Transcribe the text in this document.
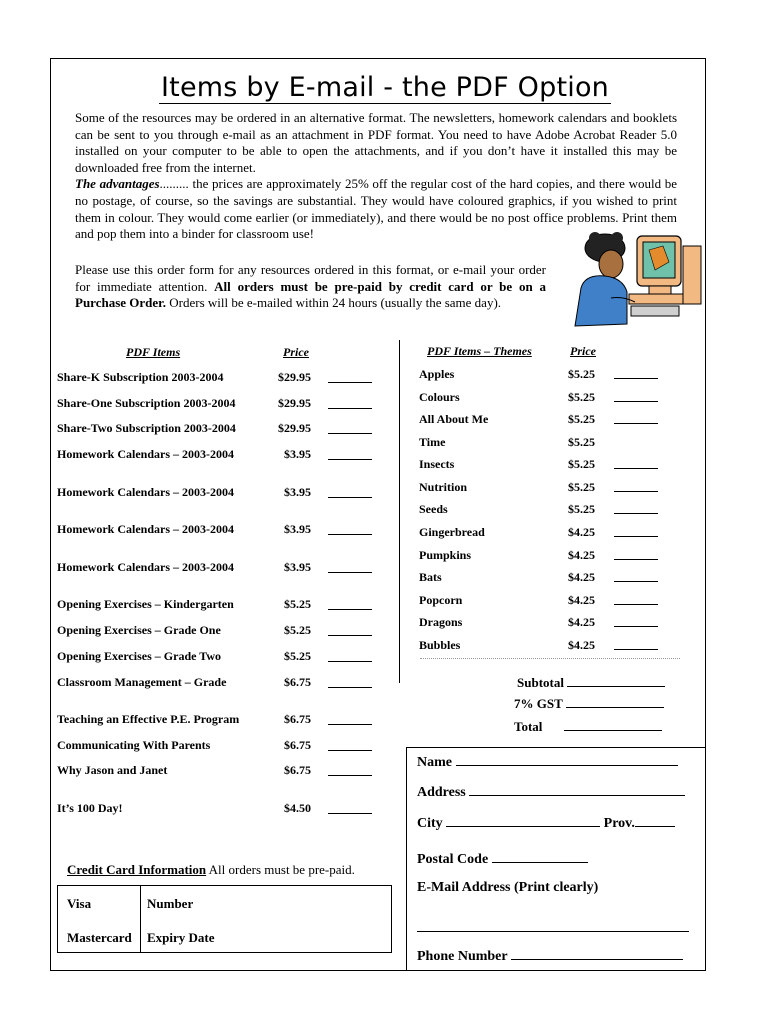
Items by E-mail - the PDF Option
Some of the resources may be ordered in an alternative format. The newsletters, homework calendars and booklets can be sent to you through e-mail as an attachment in PDF format. You need to have Adobe Acrobat Reader 5.0 installed on your computer to be able to open the attachments, and if you don’t have it installed this may be downloaded free from the internet.
The advantages......... the prices are approximately 25% off the regular cost of the hard copies, and there would be no postage, of course, so the savings are substantial. They would have coloured graphics, if you wished to print them in colour. They would come earlier (or immediately), and there would be no post office problems. Print them and pop them into a binder for classroom use!
Please use this order form for any resources ordered in this format, or e-mail your order for immediate attention. All orders must be pre-paid by credit card or be on a Purchase Order. Orders will be e-mailed within 24 hours (usually the same day).
PDF Items	Price
Share-K Subscription 2003-2004	$29.95
Share-One Subscription 2003-2004	$29.95
Share-Two Subscription 2003-2004	$29.95
Homework Calendars – 2003-2004	$3.95
Homework Calendars – 2003-2004	$3.95
Homework Calendars – 2003-2004	$3.95
Homework Calendars – 2003-2004	$3.95
Opening Exercises – Kindergarten	$5.25
Opening Exercises – Grade One	$5.25
Opening Exercises – Grade Two	$5.25
Classroom Management – Grade	$6.75
Teaching an Effective P.E. Program	$6.75
Communicating With Parents	$6.75
Why Jason and Janet	$6.75
It’s 100 Day!	$4.50
PDF Items – Themes	Price
Apples	$5.25
Colours	$5.25
All About Me	$5.25
Time	$5.25
Insects	$5.25
Nutrition	$5.25
Seeds	$5.25
Gingerbread	$4.25
Pumpkins	$4.25
Bats	$4.25
Popcorn	$4.25
Dragons	$4.25
Bubbles	$4.25
Subtotal
7% GST
Total
Name
Address
City	Prov.
Postal Code
E-Mail Address (Print clearly)
Phone Number
Credit Card Information All orders must be pre-paid.
Visa	Number
Mastercard Expiry Date
